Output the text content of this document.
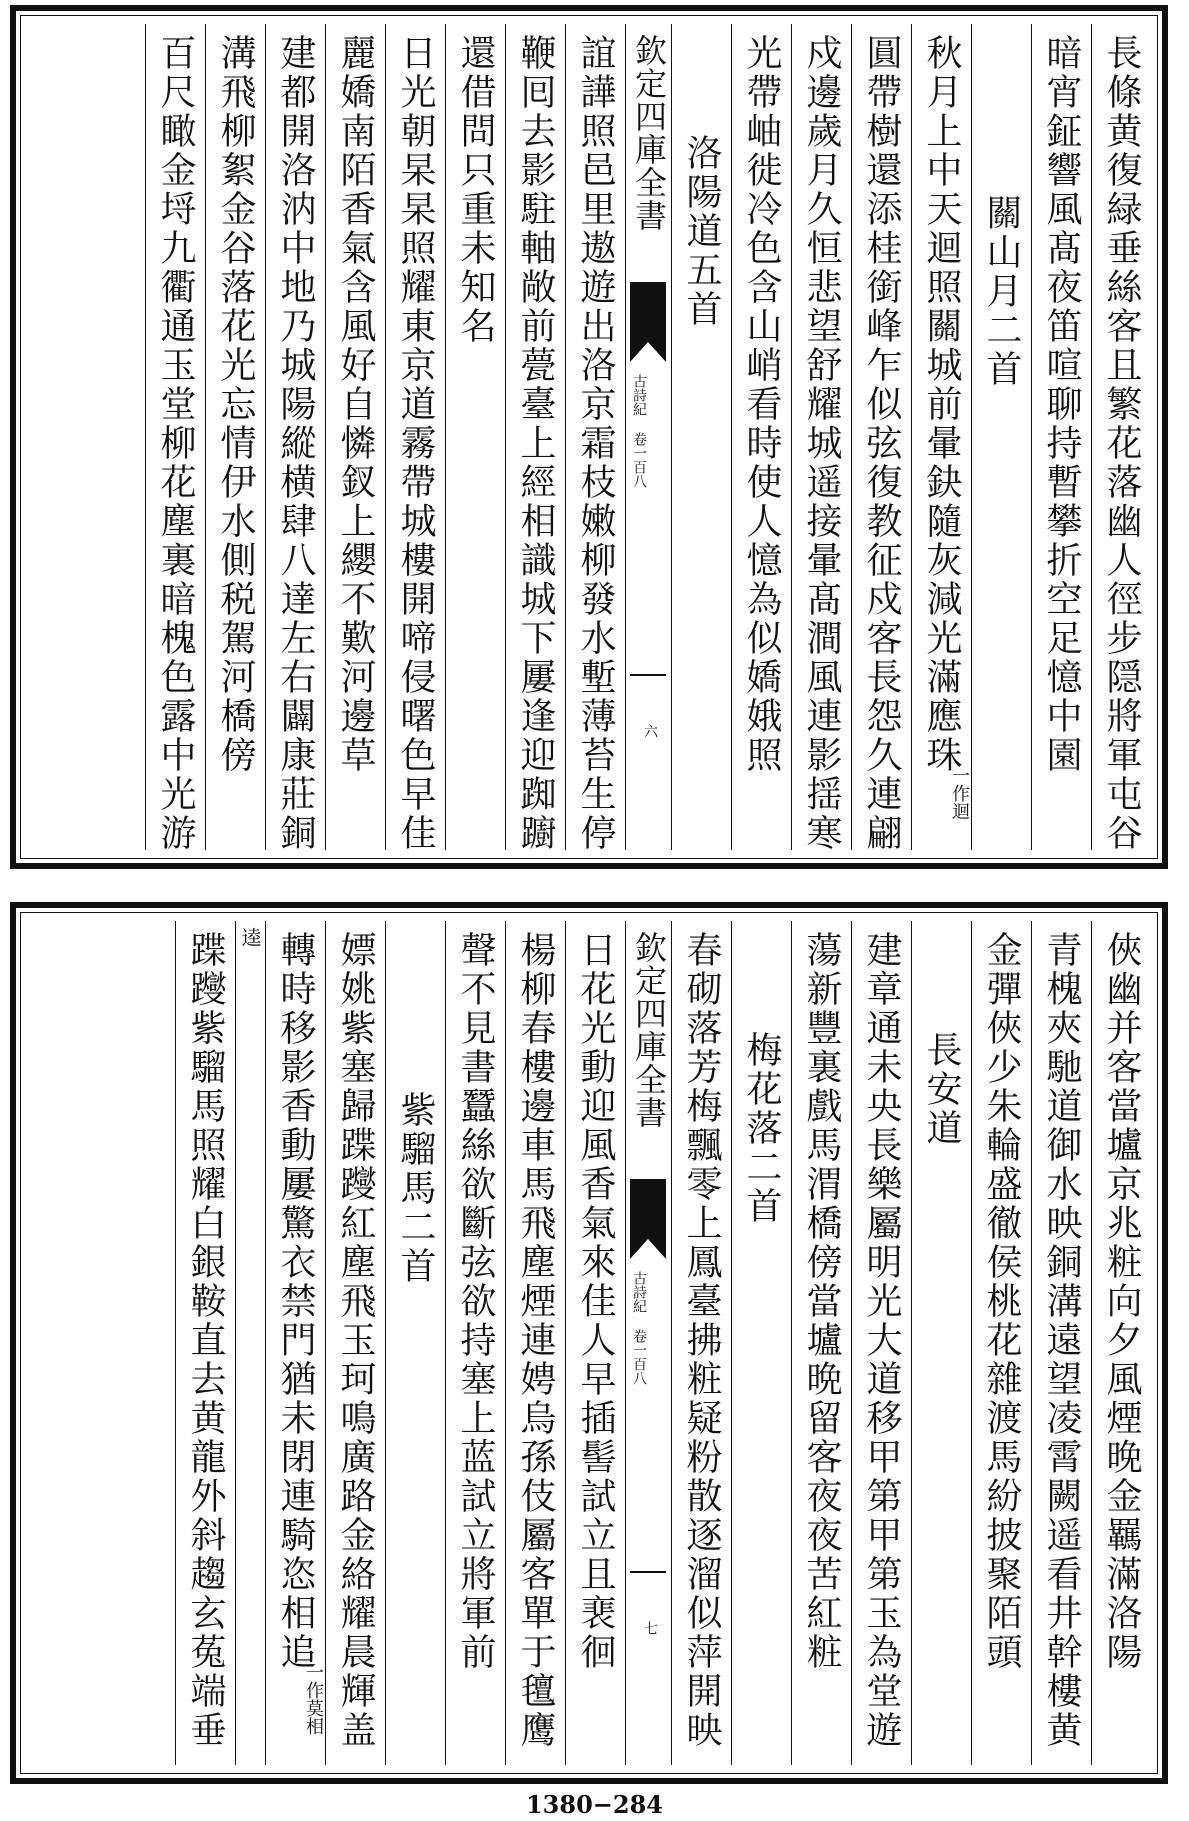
長條黄復緑垂絲客且繁花落幽人徑步隠將軍屯谷
暗宵鉦響風髙夜笛喧聊持暫攀折空足憶中園
關山月二首
秋月上中天迴照關城前暈鈌隨灰減光滿應珠
一作迴
圓帶樹還添桂銜峰乍似弦復教征戍客長怨久連翩
戍邊歲月久恒悲望舒耀城遥接暈髙澗風連影揺寒
光帶岫徙冷色含山峭看時使人憶為似嬌娥照
洛陽道五首
欽定四庫全書
古詩紀 卷一百八
六
誼譁照邑里遨遊出洛京霜枝嫩柳發水塹薄苔生停
鞭囘去影駐軸敞前甍臺上經相識城下屢逢迎踟躕
還借問只重未知名
日光朝杲杲照耀東京道霧帶城樓開啼侵曙色早佳
麗嬌南陌香氣含風好自憐釵上纓不歎河邊草
建都開洛汭中地乃城陽縱横肆八達左右闢康莊銅
溝飛柳絮金谷落花光忘情伊水側税駕河橋傍
百尺瞰金埒九衢通玉堂柳花塵裏暗槐色露中光游
俠幽并客當壚京兆粧向夕風煙晚金羈滿洛陽
青槐夾馳道御水映銅溝遠望凌霄闕遥看井幹樓黄
金彈俠少朱輪盛徹侯桃花雜渡馬紛披聚陌頭
長安道
建章通未央長樂屬明光大道移甲第甲第玉為堂遊
蕩新豐裏戲馬渭橋傍當壚晩留客夜夜苦紅粧
梅花落二首
春砌落芳梅飄零上鳳臺拂粧疑粉散逐溜似萍開映
欽定四庫全書
古詩紀 卷一百八
七
日花光動迎風香氣來佳人早插髻試立且裵徊
楊柳春樓邊車馬飛塵煙連娉烏孫伎屬客單于氊鹰
聲不見書蠶絲欲斷弦欲持塞上蓝試立將軍前
紫騮馬二首
嫖姚紫塞歸蹀躞紅塵飛玉珂鳴廣路金絡耀晨輝盖
轉時移影香動屢驚衣禁門猶未閉連騎恣相追
一作莫相
逵
蹀躞紫騮馬照耀白銀鞍直去黄龍外斜趨玄菟端垂
1380−284
